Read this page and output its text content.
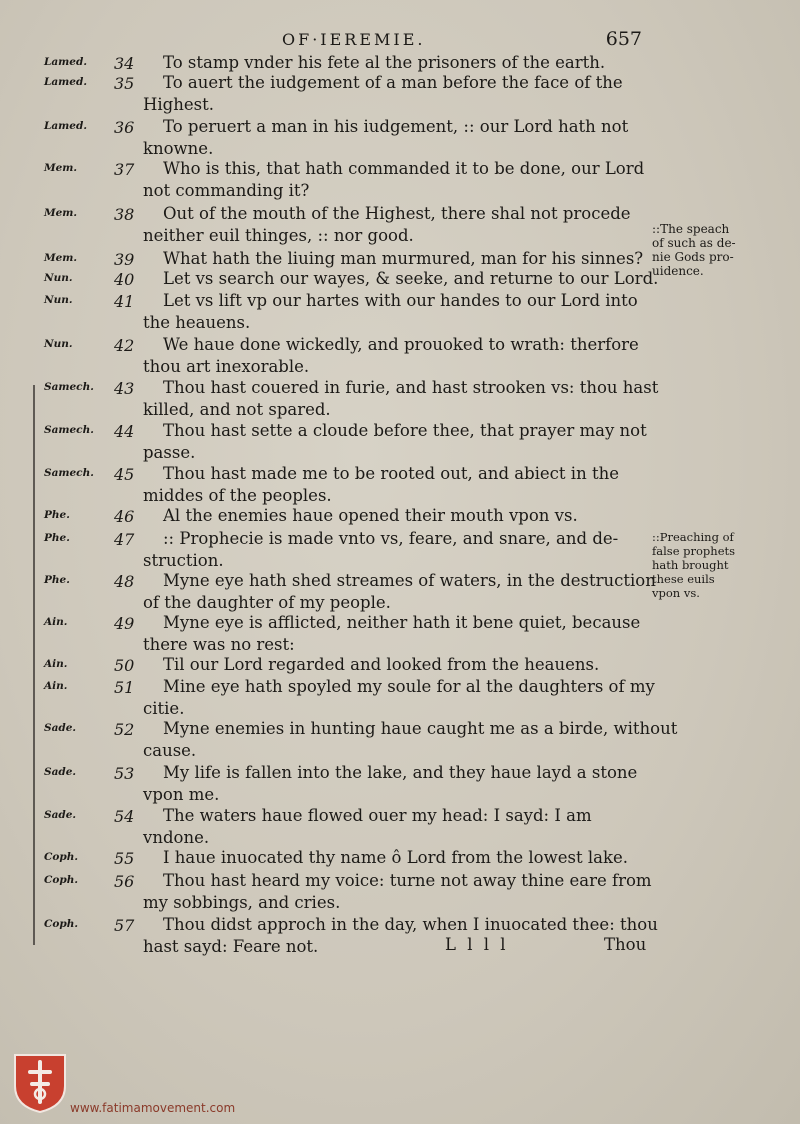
OF·IEREMIE.	657
Lamed.	34	To stamp vnder his fete al the prisoners of the earth.
Lamed.	35	To auert the iudgement of a man before the face of the
Highest.
Lamed.	36	To peruert a man in his iudgement, :: our Lord hath not
knowne.
Mem.	37	Who is this, that hath commanded it to be done, our Lord
not commanding it?
Mem.	38	Out of the mouth of the Highest, there shal not procede
neither euil thinges, :: nor good.
Mem.	39	What hath the liuing man murmured, man for his sinnes?
Nun.	40	Let vs search our wayes, & seeke, and returne to our Lord.
Nun.	41	Let vs lift vp our hartes with our handes to our Lord into
the heauens.
Nun.	42	We haue done wickedly, and prouoked to wrath: therfore
thou art inexorable.
Samech.	43	Thou hast couered in furie, and hast strooken vs: thou hast
killed, and not spared.
Samech.	44	Thou hast sette a cloude before thee, that prayer may not
passe.
Samech.	45	Thou hast made me to be rooted out, and abiect in the
middes of the peoples.
Phe.	46	Al the enemies haue opened their mouth vpon vs.
Phe.	47	:: Prophecie is made vnto vs, feare, and snare, and de-
struction.
Phe.	48	Myne eye hath shed streames of waters, in the destruction
of the daughter of my people.
Ain.	49	Myne eye is afflicted, neither hath it bene quiet, because
there was no rest:
Ain.	50	Til our Lord regarded and looked from the heauens.
Ain.	51	Mine eye hath spoyled my soule for al the daughters of my
citie.
Sade.	52	Myne enemies in hunting haue caught me as a birde, without
cause.
Sade.	53	My life is fallen into the lake, and they haue layd a stone
vpon me.
Sade.	54	The waters haue flowed ouer my head: I sayd: I am
vndone.
Coph.	55	I haue inuocated thy name ô Lord from the lowest lake.
Coph.	56	Thou hast heard my voice: turne not away thine eare from
my sobbings, and cries.
Coph.	57	Thou didst approch in the day, when I inuocated thee: thou
hast sayd: Feare not.
::The speach
of such as de-
nie Gods pro-
uidence.
::Preaching of
false prophets
hath brought
these euils
vpon vs.
L l l l	Thou
www.fatimamovement.com
